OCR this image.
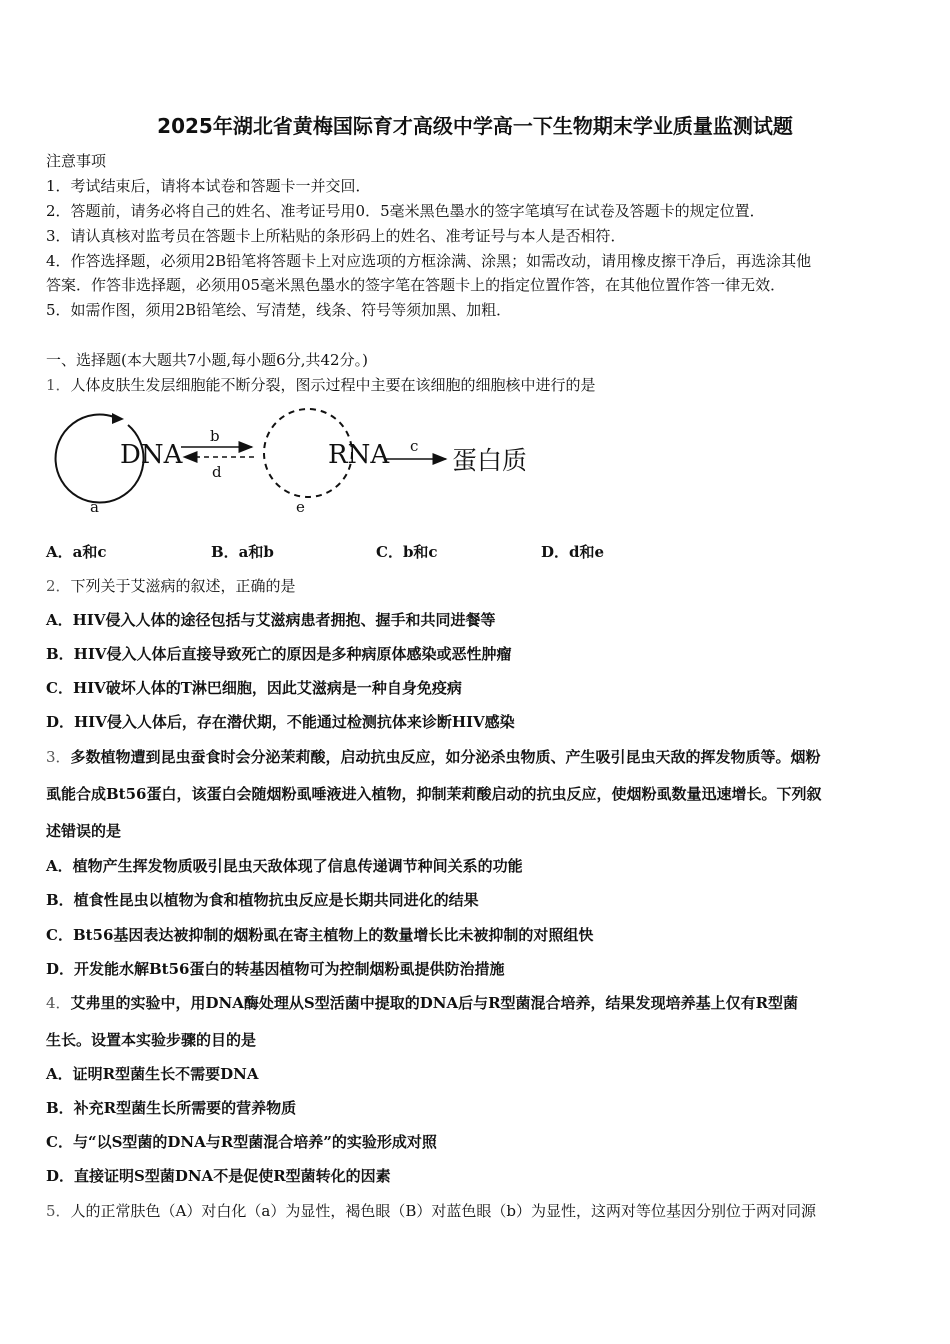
2025年湖北省黄梅国际育才高级中学高一下生物期末学业质量监测试题
注意事项
1．考试结束后，请将本试卷和答题卡一并交回．
2．答题前，请务必将自己的姓名、准考证号用0．5毫米黑色墨水的签字笔填写在试卷及答题卡的规定位置．
3．请认真核对监考员在答题卡上所粘贴的条形码上的姓名、准考证号与本人是否相符．
4．作答选择题，必须用2B铅笔将答题卡上对应选项的方框涂满、涂黑；如需改动，请用橡皮擦干净后，再选涂其他
答案．作答非选择题，必须用05毫米黑色墨水的签字笔在答题卡上的指定位置作答，在其他位置作答一律无效．
5．如需作图，须用2B铅笔绘、写清楚，线条、符号等须加黑、加粗．
一、选择题(本大题共7小题,每小题6分,共42分。)
1．人体皮肤生发层细胞能不断分裂，图示过程中主要在该细胞的细胞核中进行的是
DNA
a
b
d
RNA
e
c 蛋白质
A．a和c	B．a和b	C．b和c	D．d和e
2．下列关于艾滋病的叙述，正确的是
A．HIV侵入人体的途径包括与艾滋病患者拥抱、握手和共同进餐等
B．HIV侵入人体后直接导致死亡的原因是多种病原体感染或恶性肿瘤
C．HIV破坏人体的T淋巴细胞，因此艾滋病是一种自身免疫病
D．HIV侵入人体后，存在潜伏期，不能通过检测抗体来诊断HIV感染
3．多数植物遭到昆虫蚕食时会分泌茉莉酸，启动抗虫反应，如分泌杀虫物质、产生吸引昆虫天敌的挥发物质等。烟粉
虱能合成Bt56蛋白，该蛋白会随烟粉虱唾液进入植物，抑制茉莉酸启动的抗虫反应，使烟粉虱数量迅速增长。下列叙
述错误的是
A．植物产生挥发物质吸引昆虫天敌体现了信息传递调节种间关系的功能
B．植食性昆虫以植物为食和植物抗虫反应是长期共同进化的结果
C．Bt56基因表达被抑制的烟粉虱在寄主植物上的数量增长比未被抑制的对照组快
D．开发能水解Bt56蛋白的转基因植物可为控制烟粉虱提供防治措施
4．艾弗里的实验中，用DNA酶处理从S型活菌中提取的DNA后与R型菌混合培养，结果发现培养基上仅有R型菌
生长。设置本实验步骤的目的是
A．证明R型菌生长不需要DNA
B．补充R型菌生长所需要的营养物质
C．与“以S型菌的DNA与R型菌混合培养”的实验形成对照
D．直接证明S型菌DNA不是促使R型菌转化的因素
5．人的正常肤色（A）对白化（a）为显性，褐色眼（B）对蓝色眼（b）为显性，这两对等位基因分别位于两对同源
